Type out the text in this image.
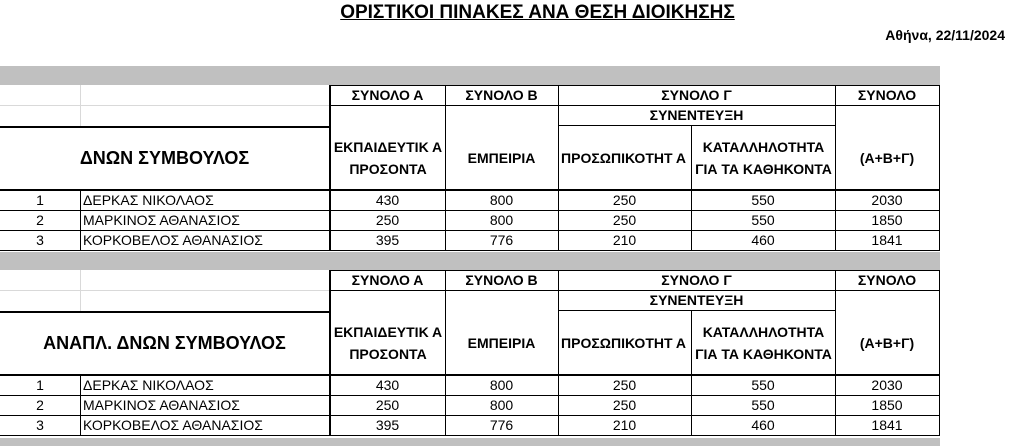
ΟΡΙΣΤΙΚΟΙ ΠΙΝΑΚΕΣ ΑΝΑ ΘΕΣΗ ΔΙΟΙΚΗΣΗΣ
Αθήνα, 22/11/2024
ΣΥΝΟΛΟ Α	ΣΥΝΟΛΟ Β	ΣΥΝΟΛΟ Γ	ΣΥΝΟΛΟ
ΣΥΝΕΝΤΕΥΞΗ
ΔΝΩΝ ΣΥΜΒΟΥΛΟΣ
ΕΚΠΑΙΔΕΥΤΙΚ Α ΠΡΟΣΟΝΤΑ
ΕΜΠΕΙΡΙΑ	ΠΡΟΣΩΠΙΚΟΤΗΤ Α
ΚΑΤΑΛΛΗΛΟΤΗΤΑ ΓΙΑ ΤΑ ΚΑΘΗΚΟΝΤΑ
(Α+Β+Γ)
1	ΔΕΡΚΑΣ ΝΙΚΟΛΑΟΣ	430	800	250	550	2030
2	ΜΑΡΚΙΝΟΣ ΑΘΑΝΑΣΙΟΣ	250	800	250	550	1850
3	ΚΟΡΚΟΒΕΛΟΣ ΑΘΑΝΑΣΙΟΣ	395	776	210	460	1841
ΣΥΝΟΛΟ Α	ΣΥΝΟΛΟ Β	ΣΥΝΟΛΟ Γ	ΣΥΝΟΛΟ
ΣΥΝΕΝΤΕΥΞΗ
ΑΝΑΠΛ. ΔΝΩΝ ΣΥΜΒΟΥΛΟΣ
ΕΚΠΑΙΔΕΥΤΙΚ Α ΠΡΟΣΟΝΤΑ
ΕΜΠΕΙΡΙΑ	ΠΡΟΣΩΠΙΚΟΤΗΤ Α
ΚΑΤΑΛΛΗΛΟΤΗΤΑ ΓΙΑ ΤΑ ΚΑΘΗΚΟΝΤΑ
(Α+Β+Γ)
1	ΔΕΡΚΑΣ ΝΙΚΟΛΑΟΣ	430	800	250	550	2030
2	ΜΑΡΚΙΝΟΣ ΑΘΑΝΑΣΙΟΣ	250	800	250	550	1850
3	ΚΟΡΚΟΒΕΛΟΣ ΑΘΑΝΑΣΙΟΣ	395	776	210	460	1841
